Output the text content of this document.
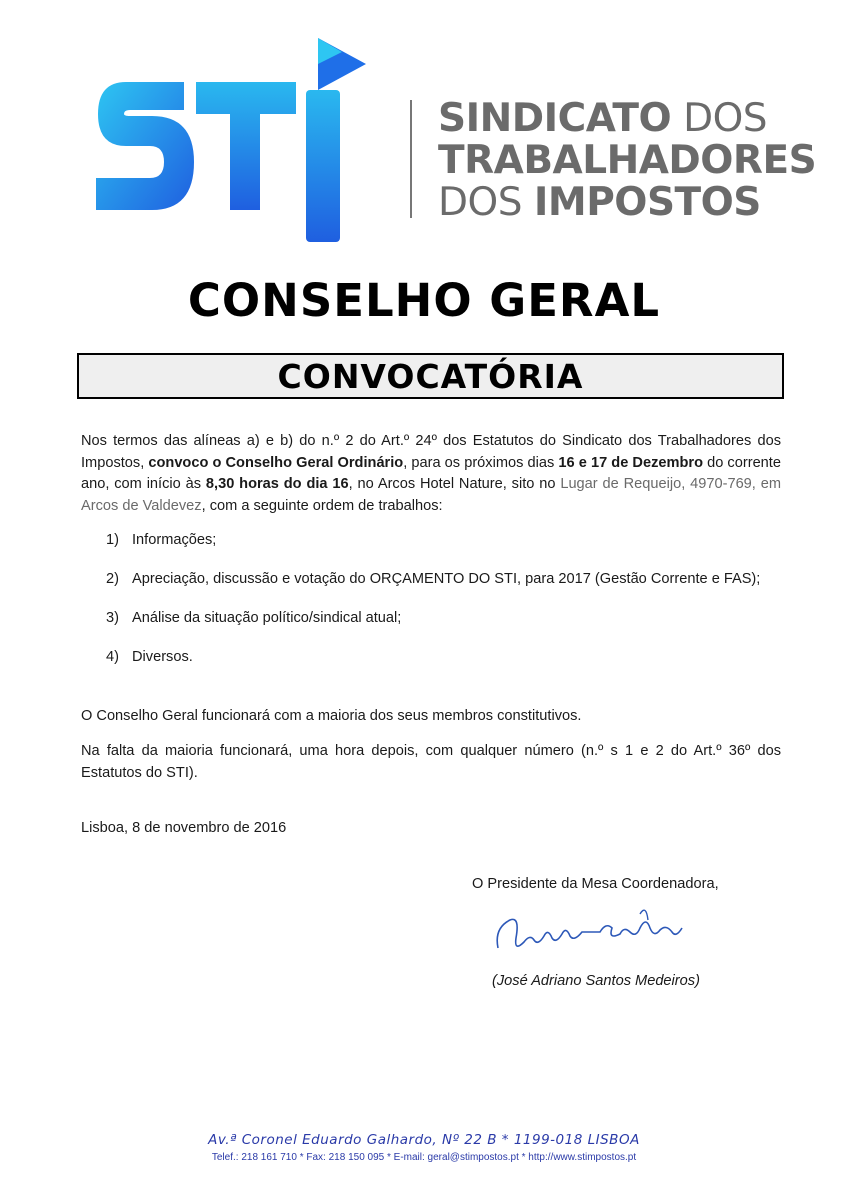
SINDICATO DOS
TRABALHADORES
DOS IMPOSTOS
CONSELHO GERAL
CONVOCATÓRIA
Nos termos das alíneas a) e b) do n.º 2 do Art.º 24º dos Estatutos do Sindicato dos Trabalhadores dos Impostos, convoco o Conselho Geral Ordinário, para os próximos dias 16 e 17 de Dezembro do corrente ano, com início às 8,30 horas do dia 16, no Arcos Hotel Nature, sito no Lugar de Requeijo, 4970-769, em Arcos de Valdevez, com a seguinte ordem de trabalhos:
1) Informações;
2) Apreciação, discussão e votação do ORÇAMENTO DO STI, para 2017 (Gestão Corrente e FAS);
3) Análise da situação político/sindical atual;
4) Diversos.
O Conselho Geral funcionará com a maioria dos seus membros constitutivos.
Na falta da maioria funcionará, uma hora depois, com qualquer número (n.º s 1 e 2 do Art.º 36º dos Estatutos do STI).
Lisboa, 8 de novembro de 2016
O Presidente da Mesa Coordenadora,
(José Adriano Santos Medeiros)
Av.ª Coronel Eduardo Galhardo, Nº 22 B * 1199-018 LISBOA
Telef.: 218 161 710 * Fax: 218 150 095 * E-mail: geral@stimpostos.pt * http://www.stimpostos.pt
